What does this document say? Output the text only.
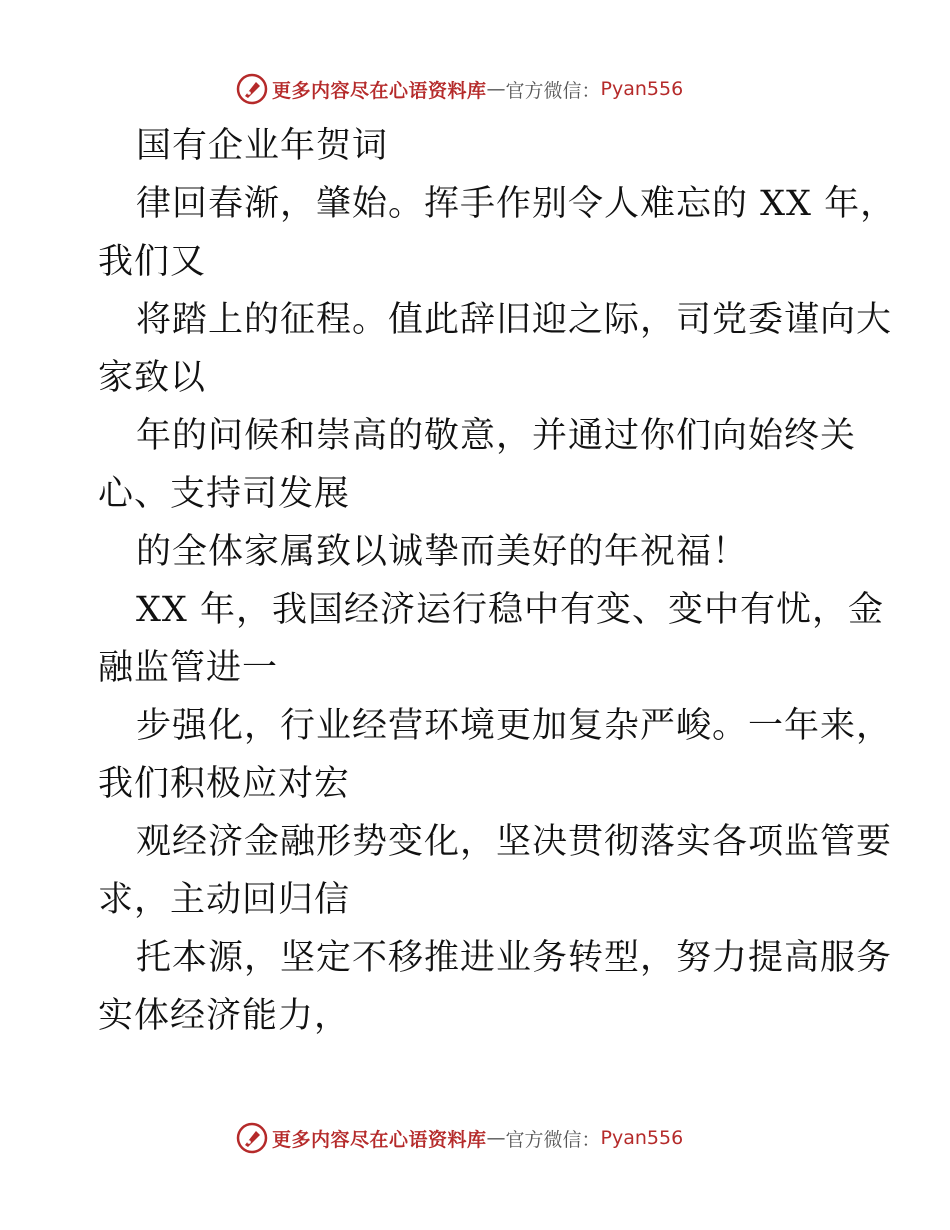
更多内容尽在心语资料库 — 官方微信： Pyan556
国有企业年贺词
律回春渐，肇始。挥手作别令人难忘的 XX 年，
我们又
将踏上的征程。值此辞旧迎之际，司党委谨向大
家致以
年的问候和崇高的敬意，并通过你们向始终关
心、支持司发展
的全体家属致以诚挚而美好的年祝福！
XX 年，我国经济运行稳中有变、变中有忧，金
融监管进一
步强化，行业经营环境更加复杂严峻。一年来，
我们积极应对宏
观经济金融形势变化，坚决贯彻落实各项监管要
求，主动回归信
托本源，坚定不移推进业务转型，努力提高服务
实体经济能力，
更多内容尽在心语资料库 — 官方微信： Pyan556
